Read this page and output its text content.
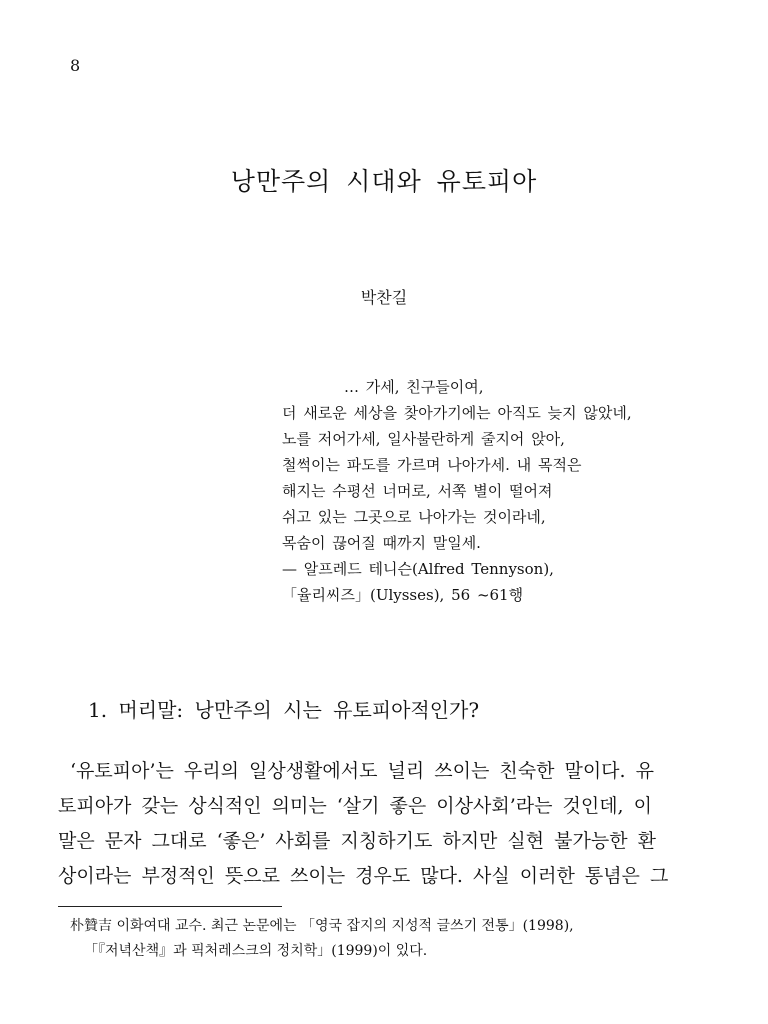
8
낭만주의 시대와 유토피아
박찬길
… 가세, 친구들이여,
더 새로운 세상을 찾아가기에는 아직도 늦지 않았네,
노를 저어가세, 일사불란하게 줄지어 앉아,
철썩이는 파도를 가르며 나아가세. 내 목적은
해지는 수평선 너머로, 서쪽 별이 떨어져
쉬고 있는 그곳으로 나아가는 것이라네,
목숨이 끊어질 때까지 말일세.
— 알프레드 테니슨(Alfred Tennyson),
「율리씨즈」(Ulysses), 56 ~61행
1. 머리말: 낭만주의 시는 유토피아적인가?
‘유토피아’는 우리의 일상생활에서도 널리 쓰이는 친숙한 말이다. 유
토피아가 갖는 상식적인 의미는 ‘살기 좋은 이상사회’라는 것인데, 이
말은 문자 그대로 ‘좋은’ 사회를 지칭하기도 하지만 실현 불가능한 환
상이라는 부정적인 뜻으로 쓰이는 경우도 많다. 사실 이러한 통념은 그
朴贊吉 이화여대 교수. 최근 논문에는 「영국 잡지의 지성적 글쓰기 전통」(1998),
「『저녁산책』과 픽처레스크의 정치학」(1999)이 있다.
